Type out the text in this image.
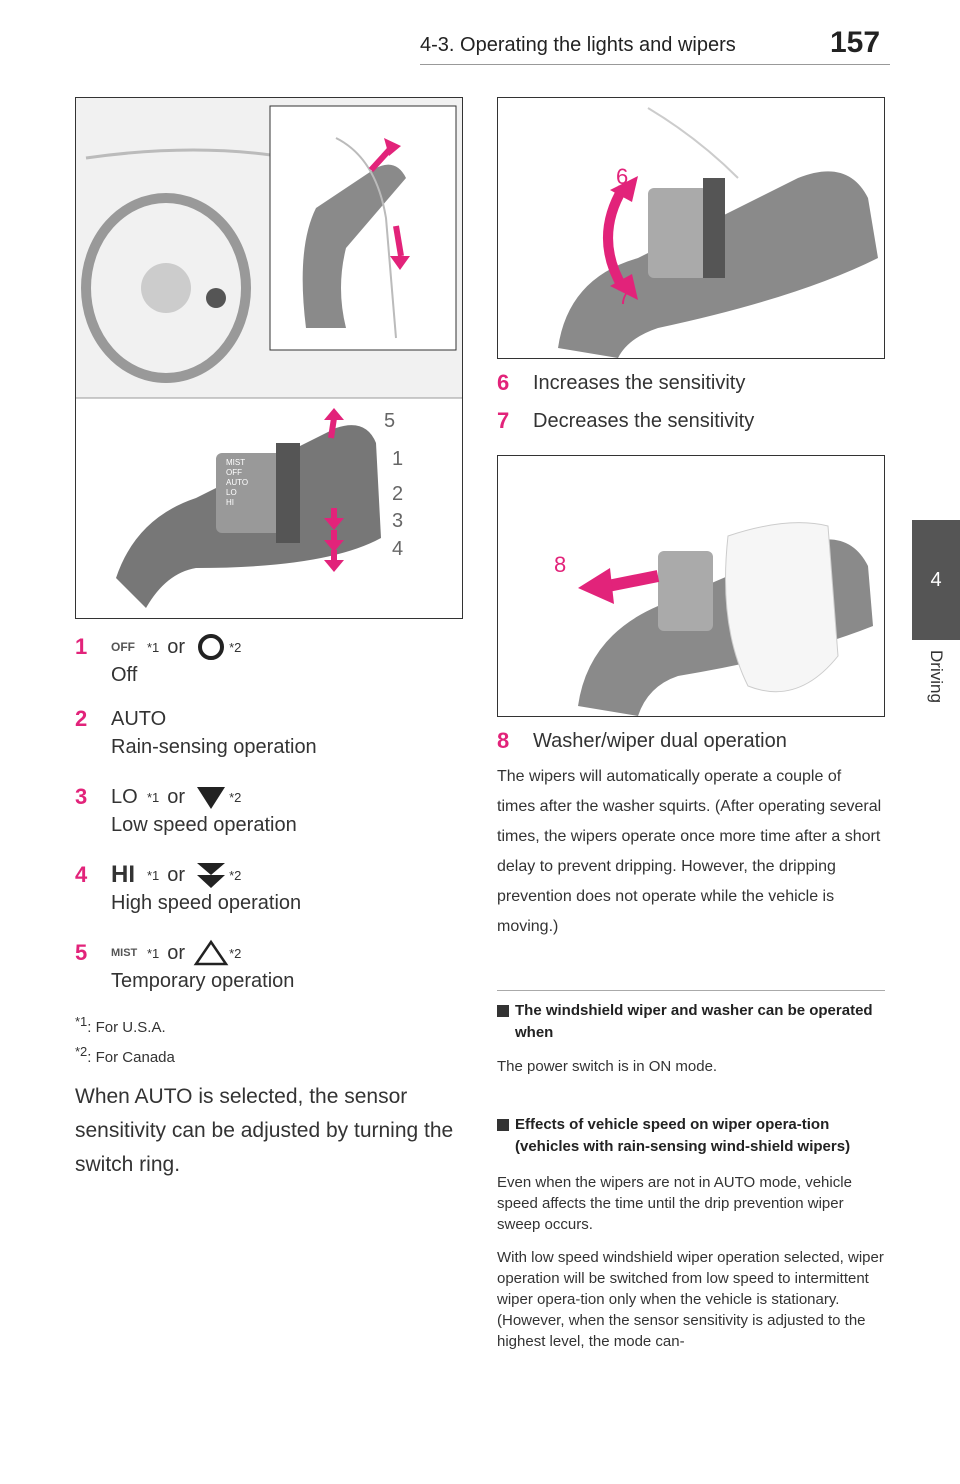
4-3. Operating the lights and wipers	157
4
Driving
MIST
OFF
AUTO
LO
HI
5
1
2
3
4
1	OFF *1 or	*2
Off
2	AUTO
Rain-sensing operation
3	LO *1 or	*2
Low speed operation
4 HI *1 or	*2
High speed operation
5	MIST *1 or	*2
Temporary operation
*1: For U.S.A.
*2: For Canada
When AUTO is selected, the sensor sensitivity can be adjusted by turning the switch ring.
6
7
6	Increases the sensitivity
7	Decreases the sensitivity
8
8	Washer/wiper dual operation
The wipers will automatically operate a couple of times after the washer squirts. (After operating several times, the wipers operate once more time after a short delay to prevent dripping. However, the dripping prevention does not operate while the vehicle is moving.)
The windshield wiper and washer can be operated when
The power switch is in ON mode.
Effects of vehicle speed on wiper opera-tion (vehicles with rain-sensing wind-shield wipers)
Even when the wipers are not in AUTO mode, vehicle speed affects the time until the drip prevention wiper sweep occurs.
With low speed windshield wiper operation selected, wiper operation will be switched from low speed to intermittent wiper opera-tion only when the vehicle is stationary. (However, when the sensor sensitivity is adjusted to the highest level, the mode can-
